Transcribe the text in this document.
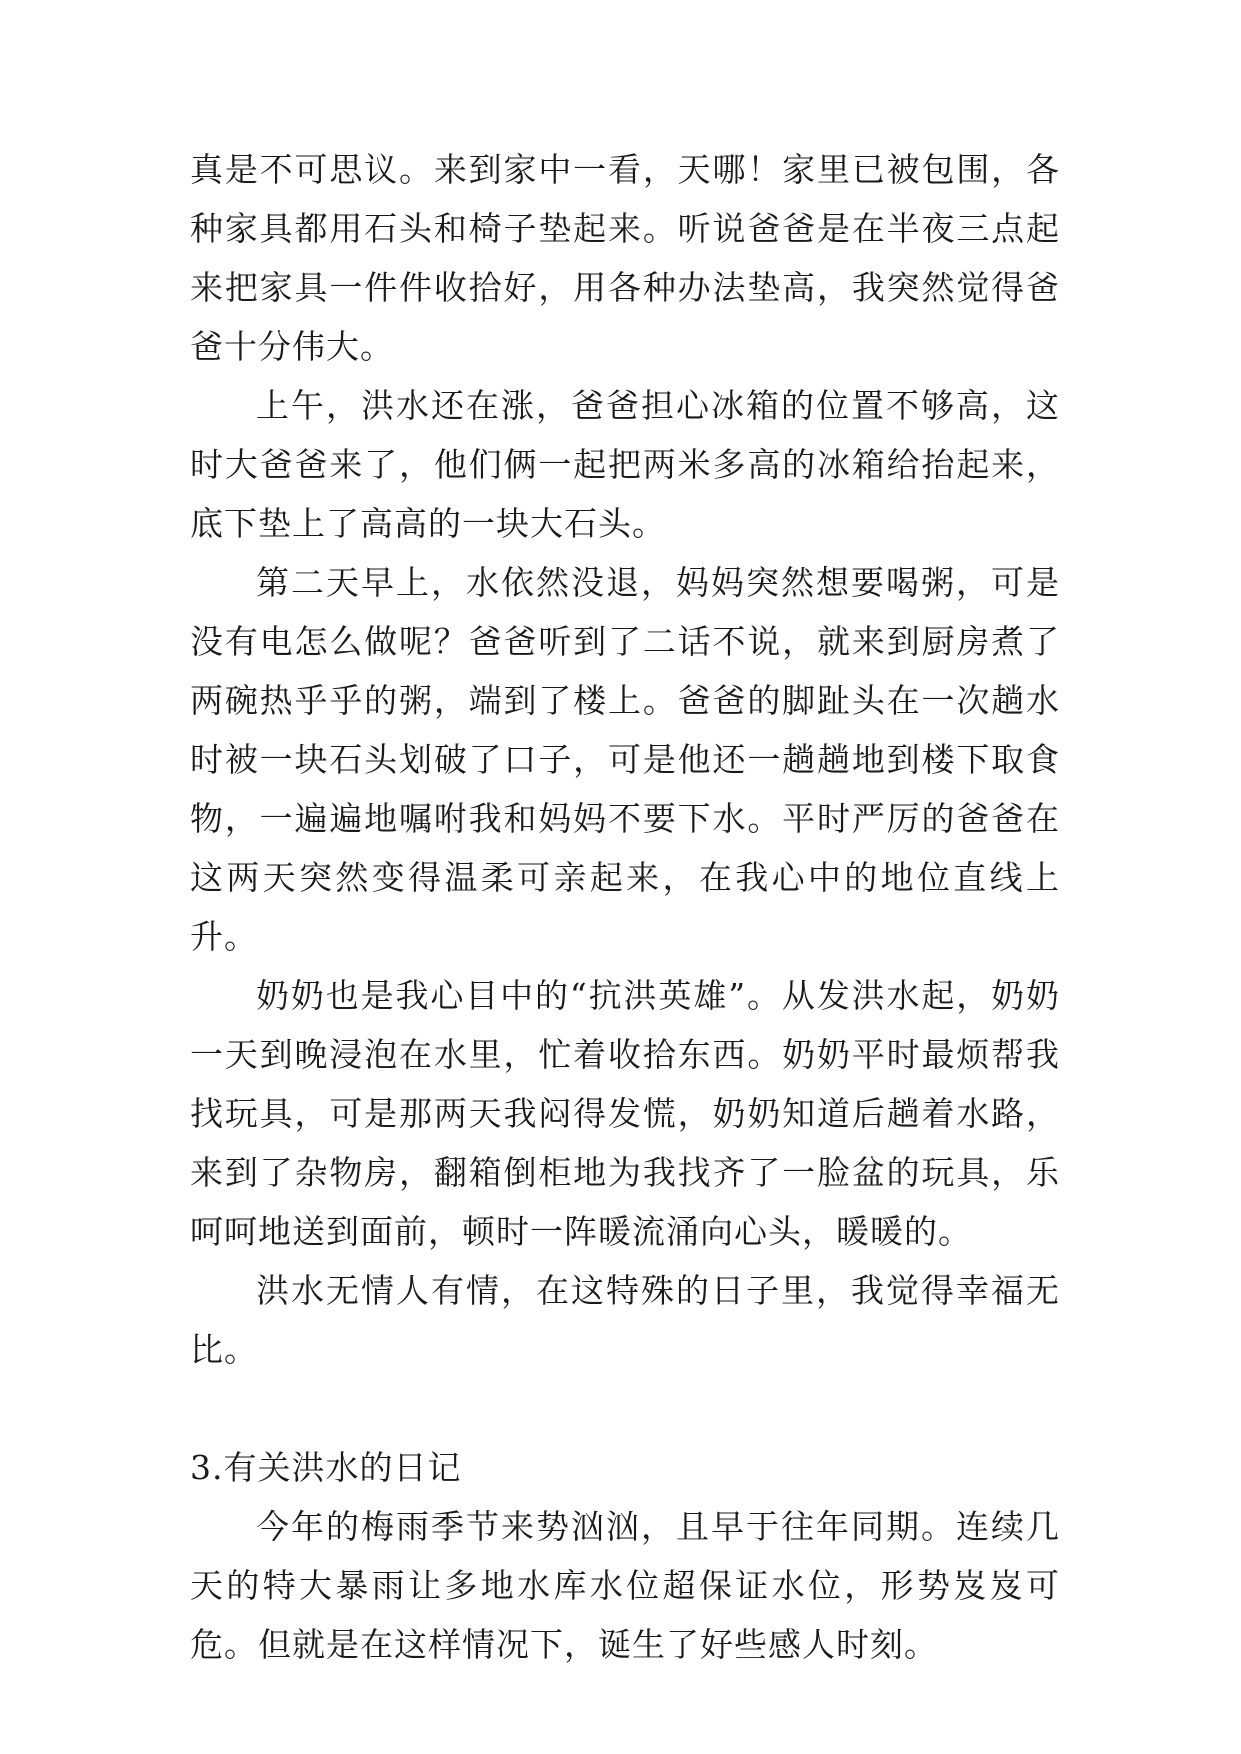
真是不可思议。来到家中一看，天哪！家里已被包围，各种家具都用石头和椅子垫起来。听说爸爸是在半夜三点起来把家具一件件收拾好，用各种办法垫高，我突然觉得爸爸十分伟大。

上午，洪水还在涨，爸爸担心冰箱的位置不够高，这时大爸爸来了，他们俩一起把两米多高的冰箱给抬起来，底下垫上了高高的一块大石头。

第二天早上，水依然没退，妈妈突然想要喝粥，可是没有电怎么做呢？爸爸听到了二话不说，就来到厨房煮了两碗热乎乎的粥，端到了楼上。爸爸的脚趾头在一次趟水时被一块石头划破了口子，可是他还一趟趟地到楼下取食物，一遍遍地嘱咐我和妈妈不要下水。平时严厉的爸爸在这两天突然变得温柔可亲起来，在我心中的地位直线上升。

奶奶也是我心目中的“抗洪英雄”。从发洪水起，奶奶一天到晚浸泡在水里，忙着收拾东西。奶奶平时最烦帮我找玩具，可是那两天我闷得发慌，奶奶知道后趟着水路，来到了杂物房，翻箱倒柜地为我找齐了一脸盆的玩具，乐呵呵地送到面前，顿时一阵暖流涌向心头，暖暖的。

洪水无情人有情，在这特殊的日子里，我觉得幸福无比。

3.有关洪水的日记

今年的梅雨季节来势汹汹，且早于往年同期。连续几天的特大暴雨让多地水库水位超保证水位，形势岌岌可危。但就是在这样情况下，诞生了好些感人时刻。
